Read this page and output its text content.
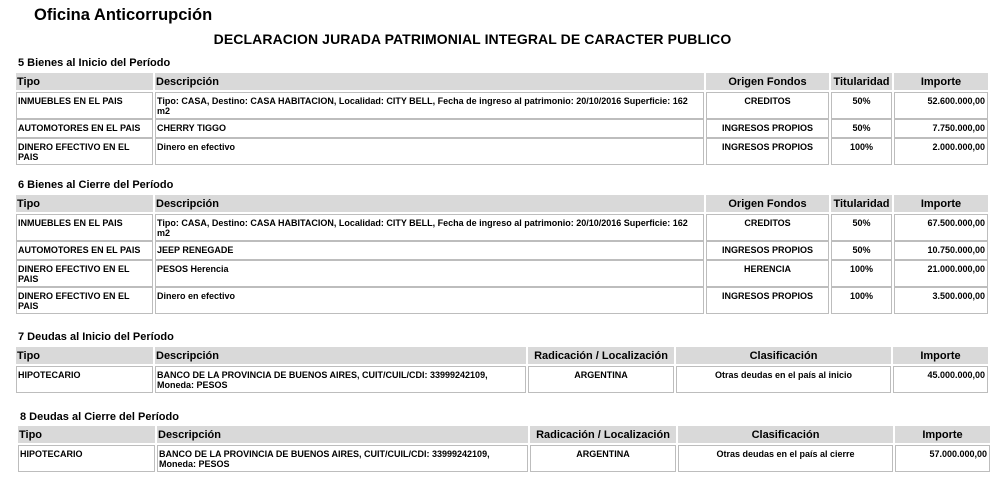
Oficina Anticorrupción
DECLARACION JURADA PATRIMONIAL INTEGRAL DE CARACTER PUBLICO
5 Bienes al Inicio del Período
Tipo	Descripción	Origen Fondos	Titularidad	Importe
INMUEBLES EN EL PAIS	Tipo: CASA, Destino: CASA HABITACION, Localidad: CITY BELL, Fecha de ingreso al patrimonio: 20/10/2016 Superficie: 162 m2	CREDITOS	50%	52.600.000,00
AUTOMOTORES EN EL PAIS	CHERRY TIGGO	INGRESOS PROPIOS	50%	7.750.000,00
DINERO EFECTIVO EN EL PAIS	Dinero en efectivo	INGRESOS PROPIOS	100%	2.000.000,00
6 Bienes al Cierre del Período
Tipo	Descripción	Origen Fondos	Titularidad	Importe
INMUEBLES EN EL PAIS	Tipo: CASA, Destino: CASA HABITACION, Localidad: CITY BELL, Fecha de ingreso al patrimonio: 20/10/2016 Superficie: 162 m2	CREDITOS	50%	67.500.000,00
AUTOMOTORES EN EL PAIS	JEEP RENEGADE	INGRESOS PROPIOS	50%	10.750.000,00
DINERO EFECTIVO EN EL PAIS	PESOS Herencia	HERENCIA	100%	21.000.000,00
DINERO EFECTIVO EN EL PAIS	Dinero en efectivo	INGRESOS PROPIOS	100%	3.500.000,00
7 Deudas al Inicio del Período
Tipo	Descripción	Radicación / Localización	Clasificación	Importe
HIPOTECARIO	BANCO DE LA PROVINCIA DE BUENOS AIRES, CUIT/CUIL/CDI: 33999242109, Moneda: PESOS	ARGENTINA	Otras deudas en el país al inicio	45.000.000,00
8 Deudas al Cierre del Período
Tipo	Descripción	Radicación / Localización	Clasificación	Importe
HIPOTECARIO	BANCO DE LA PROVINCIA DE BUENOS AIRES, CUIT/CUIL/CDI: 33999242109, Moneda: PESOS	ARGENTINA	Otras deudas en el país al cierre	57.000.000,00
